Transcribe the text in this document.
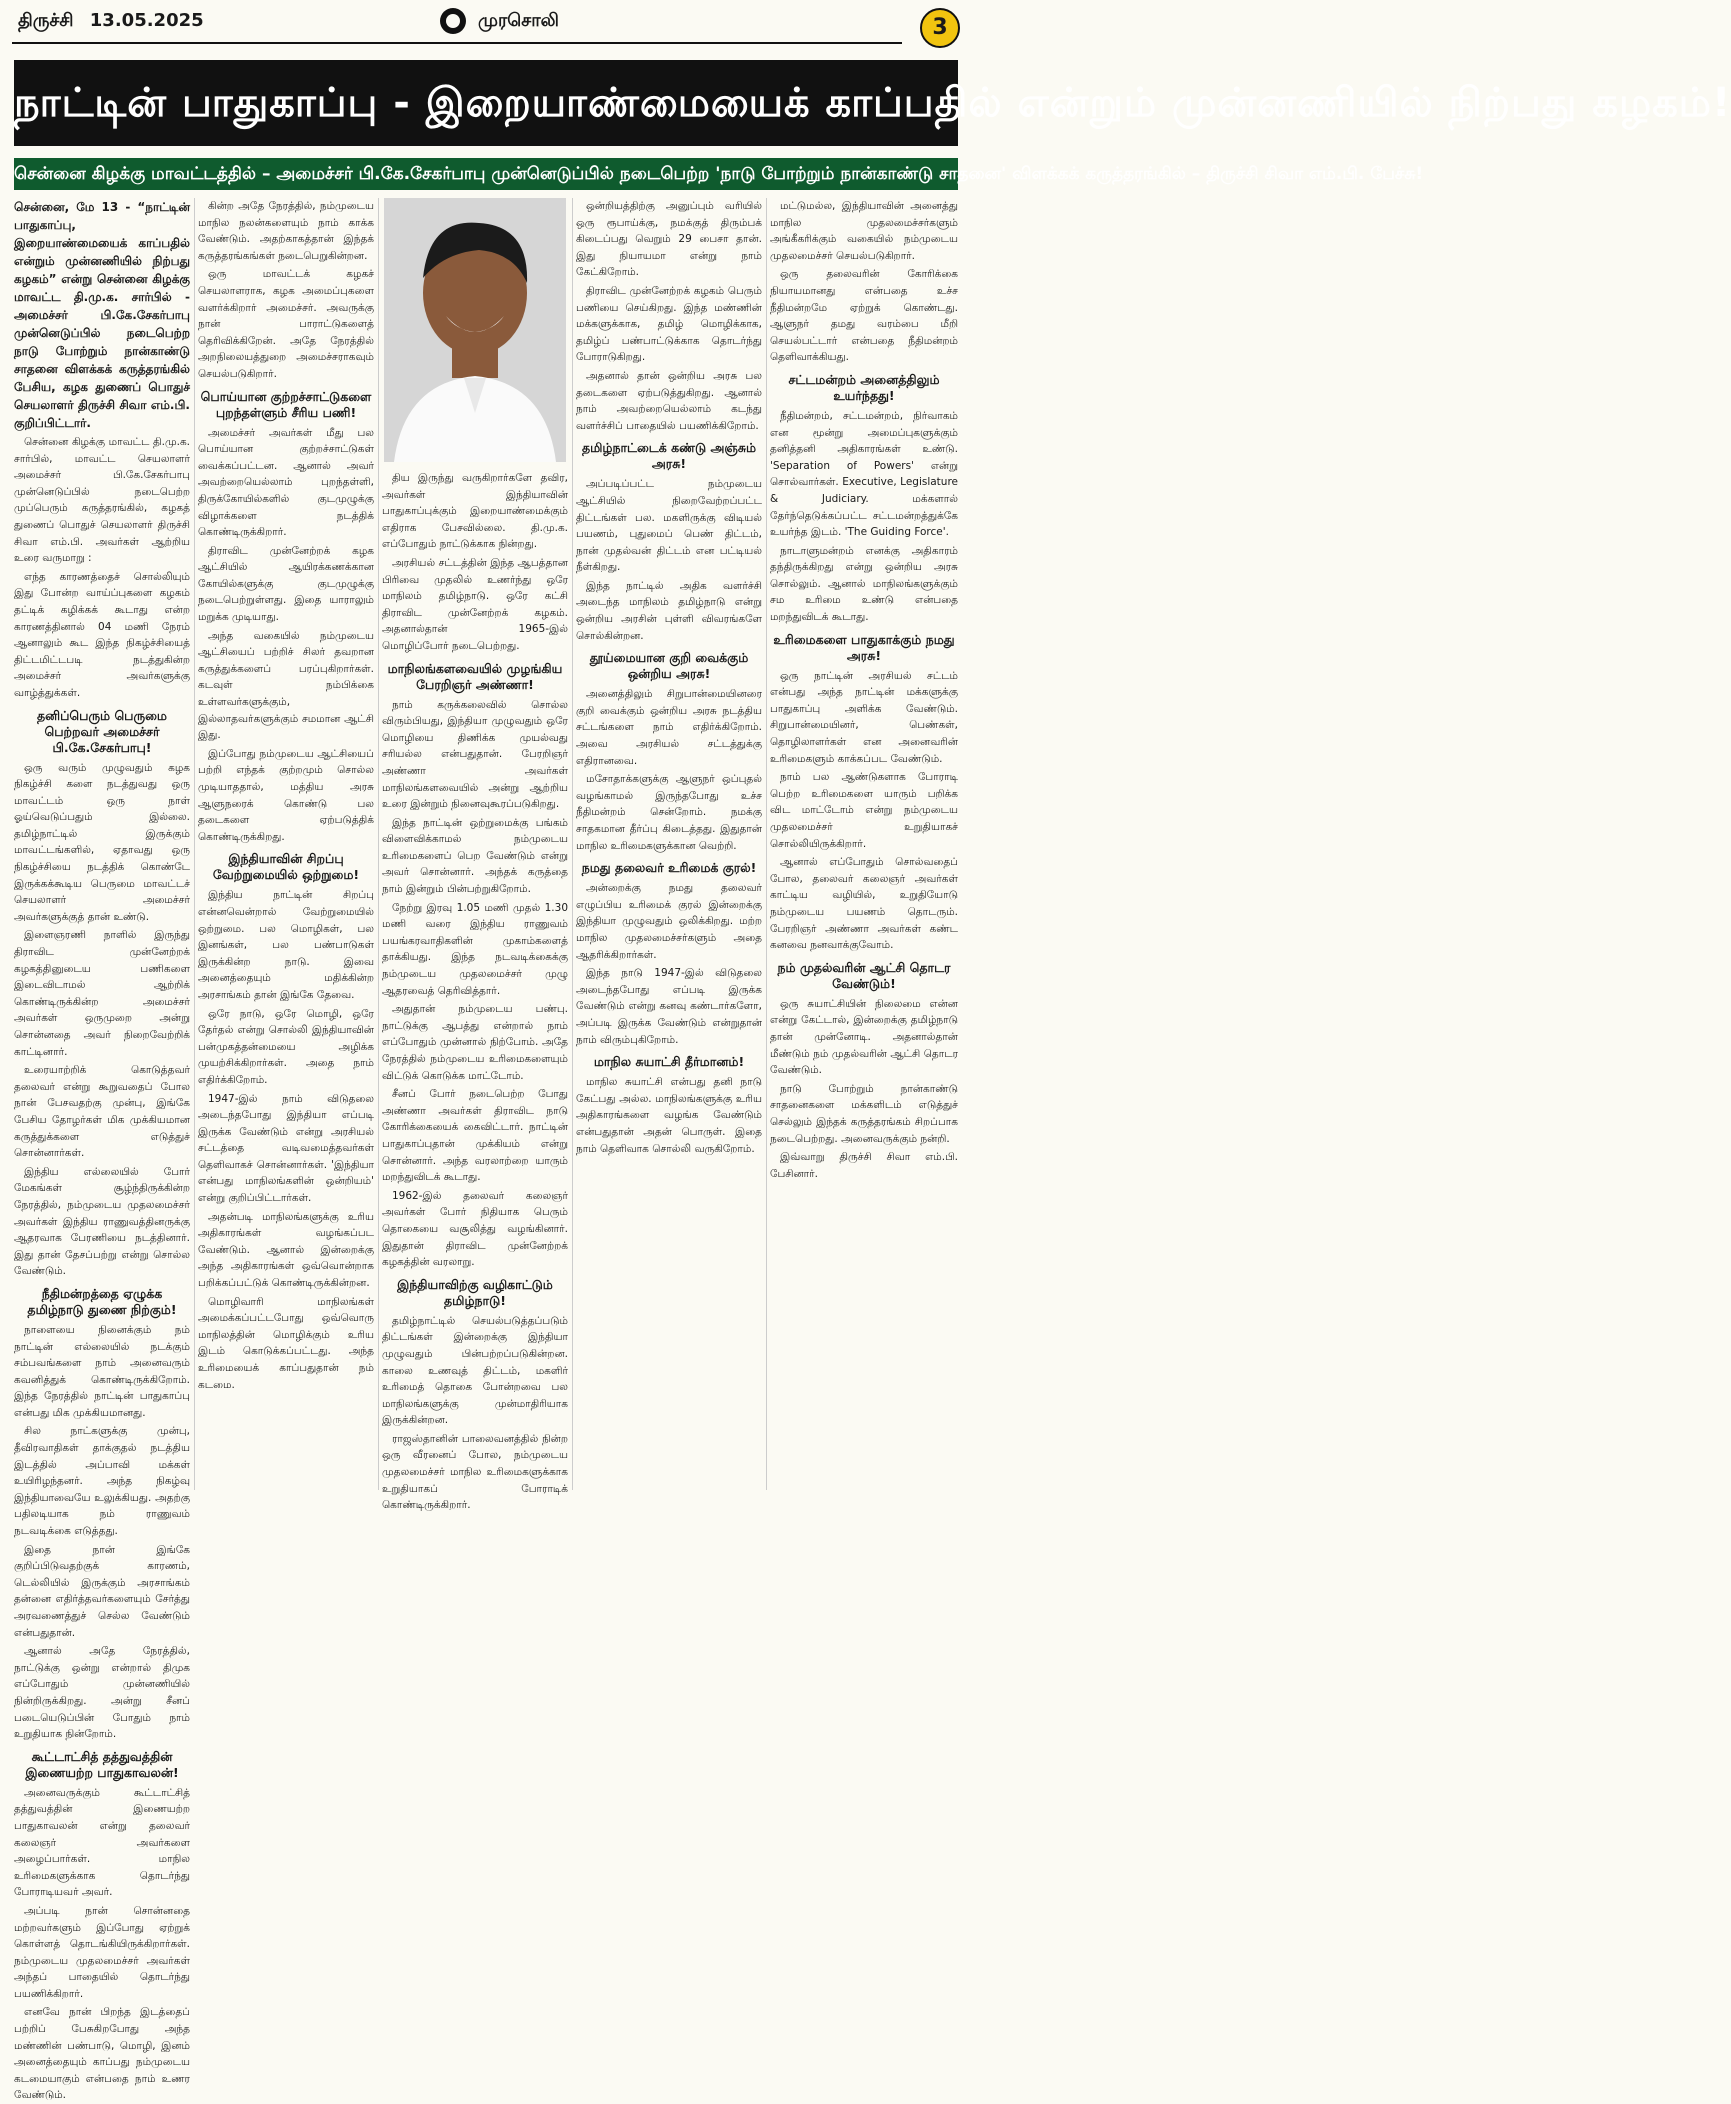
திருச்சி 13.05.2025	முரசொலி	3
நாட்டின் பாதுகாப்பு - இறையாண்மையைக் காப்பதில் என்றும் முன்னணியில் நிற்பது கழகம்!
சென்னை கிழக்கு மாவட்டத்தில் – அமைச்சர் பி.கே.சேகர்பாபு முன்னெடுப்பில் நடைபெற்ற 'நாடு போற்றும் நான்காண்டு சாதனை' விளக்கக் கருத்தரங்கில் – திருச்சி சிவா எம்.பி. பேச்சு!

சென்னை, மே 13 - “நாட்டின் பாதுகாப்பு, இறையாண்மையைக் காப்பதில் என்றும் முன்னணியில் நிற்பது கழகம்” என்று சென்னை கிழக்கு மாவட்ட தி.மு.க. சார்பில் - அமைச்சர் பி.கே.சேகர்பாபு முன்னெடுப்பில் நடைபெற்ற நாடு போற்றும் நான்காண்டு சாதனை விளக்கக் கருத்தரங்கில் பேசிய, கழக துணைப் பொதுச் செயலாளர் திருச்சி சிவா எம்.பி. குறிப்பிட்டார்.

சென்னை கிழக்கு மாவட்ட தி.மு.க. சார்பில், மாவட்ட செயலாளர் அமைச்சர் பி.கே.சேகர்பாபு முன்னெடுப்பில் நடைபெற்ற முப்பெரும் கருத்தரங்கில், கழகத் துணைப் பொதுச் செயலாளர் திருச்சி சிவா எம்.பி. அவர்கள் ஆற்றிய உரை வருமாறு :

எந்த காரணத்தைச் சொல்லியும் இது போன்ற வாய்ப்புகளை கழகம் தட்டிக் கழிக்கக் கூடாது என்ற காரணத்தினால் 04 மணி நேரம் ஆனாலும் கூட இந்த நிகழ்ச்சியைத் திட்டமிட்டபடி நடத்துகின்ற அமைச்சர் அவர்களுக்கு வாழ்த்துக்கள்.

தனிப்பெரும் பெருமை பெற்றவர் அமைச்சர் பி.கே.சேகர்பாபு!

ஒரு வரும் முழுவதும் கழக நிகழ்ச்சி களை நடத்துவது ஒரு மாவட்டம் ஒரு நாள் ஓய்வெடுப்பதும் இல்லை. தமிழ்நாட்டில் இருக்கும் மாவட்டங்களில், ஏதாவது ஒரு நிகழ்ச்சியை நடத்திக் கொண்டே இருக்கக்கூடிய பெருமை மாவட்டச் செயலாளர் அமைச்சர் அவர்களுக்குத் தான் உண்டு.

இளைஞரணி நாளில் இருந்து திராவிட முன்னேற்றக் கழகத்தினுடைய பணிகளை இடைவிடாமல் ஆற்றிக் கொண்டிருக்கின்ற அமைச்சர் அவர்கள் ஒருமுறை அன்று சொன்னதை அவர் நிறைவேற்றிக் காட்டினார்.

உரையாற்றிக் கொடுத்தவர் தலைவர் என்று கூறுவதைப் போல நான் பேசவதற்கு முன்பு, இங்கே பேசிய தோழர்கள் மிக முக்கியமான கருத்துக்களை எடுத்துச் சொன்னார்கள்.

இந்திய எல்லையில் போர் மேகங்கள் சூழ்ந்திருக்கின்ற நேரத்தில், நம்முடைய முதலமைச்சர் அவர்கள் இந்திய ராணுவத்தினருக்கு ஆதரவாக பேரணியை நடத்தினார். இது தான் தேசப்பற்று என்று சொல்ல வேண்டும்.

நீதிமன்றத்தை ஏழுக்க தமிழ்நாடு துணை நிற்கும்!

நாளையை நினைக்கும் நம் நாட்டின் எல்லையில் நடக்கும் சம்பவங்களை நாம் அனைவரும் கவனித்துக் கொண்டிருக்கிறோம். இந்த நேரத்தில் நாட்டின் பாதுகாப்பு என்பது மிக முக்கியமானது.

சில நாட்களுக்கு முன்பு, தீவிரவாதிகள் தாக்குதல் நடத்திய இடத்தில் அப்பாவி மக்கள் உயிரிழந்தனர். அந்த நிகழ்வு இந்தியாவையே உலுக்கியது. அதற்கு பதிலடியாக நம் ராணுவம் நடவடிக்கை எடுத்தது.

இதை நான் இங்கே குறிப்பிடுவதற்குக் காரணம், டெல்லியில் இருக்கும் அரசாங்கம் தன்னை எதிர்த்தவர்களையும் சேர்த்து அரவணைத்துச் செல்ல வேண்டும் என்பதுதான்.

ஆனால் அதே நேரத்தில், நாட்டுக்கு ஒன்று என்றால் திமுக எப்போதும் முன்னணியில் நின்றிருக்கிறது. அன்று சீனப் படையெடுப்பின் போதும் நாம் உறுதியாக நின்றோம்.

கூட்டாட்சித் தத்துவத்தின் இணையற்ற பாதுகாவலன்!

அனைவருக்கும் கூட்டாட்சித் தத்துவத்தின் இணையற்ற பாதுகாவலன் என்று தலைவர் கலைஞர் அவர்களை அழைப்பார்கள். மாநில உரிமைகளுக்காக தொடர்ந்து போராடியவர் அவர்.

அப்படி நான் சொன்னதை மற்றவர்களும் இப்போது ஏற்றுக் கொள்ளத் தொடங்கியிருக்கிறார்கள். நம்முடைய முதலமைச்சர் அவர்கள் அந்தப் பாதையில் தொடர்ந்து பயணிக்கிறார்.

எனவே நான் பிறந்த இடத்தைப் பற்றிப் பேசுகிறபோது அந்த மண்ணின் பண்பாடு, மொழி, இனம் அனைத்தையும் காப்பது நம்முடைய கடமையாகும் என்பதை நாம் உணர வேண்டும்.

கின்ற அதே நேரத்தில், நம்முடைய மாநில நலன்களையும் நாம் காக்க வேண்டும். அதற்காகத்தான் இந்தக் கருத்தரங்கங்கள் நடைபெறுகின்றன.

ஒரு மாவட்டக் கழகச் செயலாளராக, கழக அமைப்புகளை வளர்க்கிறார் அமைச்சர். அவருக்கு நான் பாராட்டுகளைத் தெரிவிக்கிறேன். அதே நேரத்தில் அறநிலையத்துறை அமைச்சராகவும் செயல்படுகிறார்.

பொய்யான குற்றச்சாட்டுகளை புறந்தள்ளும் சீரிய பணி!

அமைச்சர் அவர்கள் மீது பல பொய்யான குற்றச்சாட்டுகள் வைக்கப்பட்டன. ஆனால் அவர் அவற்றையெல்லாம் புறந்தள்ளி, திருக்கோயில்களில் குடமுழுக்கு விழாக்களை நடத்திக் கொண்டிருக்கிறார்.

திராவிட முன்னேற்றக் கழக ஆட்சியில் ஆயிரக்கணக்கான கோயில்களுக்கு குடமுழுக்கு நடைபெற்றுள்ளது. இதை யாராலும் மறுக்க முடியாது.

அந்த வகையில் நம்முடைய ஆட்சியைப் பற்றிச் சிலர் தவறான கருத்துக்களைப் பரப்புகிறார்கள். கடவுள் நம்பிக்கை உள்ளவர்களுக்கும், இல்லாதவர்களுக்கும் சமமான ஆட்சி இது.

இப்போது நம்முடைய ஆட்சியைப் பற்றி எந்தக் குற்றமும் சொல்ல முடியாததால், மத்திய அரசு ஆளுநரைக் கொண்டு பல தடைகளை ஏற்படுத்திக் கொண்டிருக்கிறது.

இந்தியாவின் சிறப்பு வேற்றுமையில் ஒற்றுமை!

இந்திய நாட்டின் சிறப்பு என்னவென்றால் வேற்றுமையில் ஒற்றுமை. பல மொழிகள், பல இனங்கள், பல பண்பாடுகள் இருக்கின்ற நாடு. இவை அனைத்தையும் மதிக்கின்ற அரசாங்கம் தான் இங்கே தேவை.

ஒரே நாடு, ஒரே மொழி, ஒரே தேர்தல் என்று சொல்லி இந்தியாவின் பன்முகத்தன்மையை அழிக்க முயற்சிக்கிறார்கள். அதை நாம் எதிர்க்கிறோம்.

1947-இல் நாம் விடுதலை அடைந்தபோது இந்தியா எப்படி இருக்க வேண்டும் என்று அரசியல் சட்டத்தை வடிவமைத்தவர்கள் தெளிவாகச் சொன்னார்கள். 'இந்தியா என்பது மாநிலங்களின் ஒன்றியம்' என்று குறிப்பிட்டார்கள்.

அதன்படி மாநிலங்களுக்கு உரிய அதிகாரங்கள் வழங்கப்பட வேண்டும். ஆனால் இன்றைக்கு அந்த அதிகாரங்கள் ஒவ்வொன்றாக பறிக்கப்பட்டுக் கொண்டிருக்கின்றன.

மொழிவாரி மாநிலங்கள் அமைக்கப்பட்டபோது ஒவ்வொரு மாநிலத்தின் மொழிக்கும் உரிய இடம் கொடுக்கப்பட்டது. அந்த உரிமையைக் காப்பதுதான் நம் கடமை.

திய இருந்து வருகிறார்களே தவிர, அவர்கள் இந்தியாவின் பாதுகாப்புக்கும் இறையாண்மைக்கும் எதிராக பேசவில்லை. தி.மு.க. எப்போதும் நாட்டுக்காக நின்றது.

அரசியல் சட்டத்தின் இந்த ஆபத்தான பிரிவை முதலில் உணர்ந்து ஒரே மாநிலம் தமிழ்நாடு. ஒரே கட்சி திராவிட முன்னேற்றக் கழகம். அதனால்தான் 1965-இல் மொழிப்போர் நடைபெற்றது.

மாநிலங்களவையில் முழங்கிய பேரறிஞர் அண்ணா!

நாம் கருக்கலைவில் சொல்ல விரும்பியது, இந்தியா முழுவதும் ஒரே மொழியை திணிக்க முயல்வது சரியல்ல என்பதுதான். பேரறிஞர் அண்ணா அவர்கள் மாநிலங்களவையில் அன்று ஆற்றிய உரை இன்றும் நினைவுகூரப்படுகிறது.

இந்த நாட்டின் ஒற்றுமைக்கு பங்கம் விளைவிக்காமல் நம்முடைய உரிமைகளைப் பெற வேண்டும் என்று அவர் சொன்னார். அந்தக் கருத்தை நாம் இன்றும் பின்பற்றுகிறோம்.

நேற்று இரவு 1.05 மணி முதல் 1.30 மணி வரை இந்திய ராணுவம் பயங்கரவாதிகளின் முகாம்களைத் தாக்கியது. இந்த நடவடிக்கைக்கு நம்முடைய முதலமைச்சர் முழு ஆதரவைத் தெரிவித்தார்.

அதுதான் நம்முடைய பண்பு. நாட்டுக்கு ஆபத்து என்றால் நாம் எப்போதும் முன்னால் நிற்போம். அதே நேரத்தில் நம்முடைய உரிமைகளையும் விட்டுக் கொடுக்க மாட்டோம்.

சீனப் போர் நடைபெற்ற போது அண்ணா அவர்கள் திராவிட நாடு கோரிக்கையைக் கைவிட்டார். நாட்டின் பாதுகாப்புதான் முக்கியம் என்று சொன்னார். அந்த வரலாற்றை யாரும் மறந்துவிடக் கூடாது.

1962-இல் தலைவர் கலைஞர் அவர்கள் போர் நிதியாக பெரும் தொகையை வசூலித்து வழங்கினார். இதுதான் திராவிட முன்னேற்றக் கழகத்தின் வரலாறு.

இந்தியாவிற்கு வழிகாட்டும் தமிழ்நாடு!

தமிழ்நாட்டில் செயல்படுத்தப்படும் திட்டங்கள் இன்றைக்கு இந்தியா முழுவதும் பின்பற்றப்படுகின்றன. காலை உணவுத் திட்டம், மகளிர் உரிமைத் தொகை போன்றவை பல மாநிலங்களுக்கு முன்மாதிரியாக இருக்கின்றன.

ராஜஸ்தானின் பாலைவனத்தில் நின்ற ஒரு வீரனைப் போல, நம்முடைய முதலமைச்சர் மாநில உரிமைகளுக்காக உறுதியாகப் போராடிக் கொண்டிருக்கிறார்.

ஒன்றியத்திற்கு அனுப்பும் வரியில் ஒரு ரூபாய்க்கு, நமக்குத் திரும்பக் கிடைப்பது வெறும் 29 பைசா தான். இது நியாயமா என்று நாம் கேட்கிறோம்.

திராவிட முன்னேற்றக் கழகம் பெரும் பணியை செய்கிறது. இந்த மண்ணின் மக்களுக்காக, தமிழ் மொழிக்காக, தமிழ்ப் பண்பாட்டுக்காக தொடர்ந்து போராடுகிறது.

அதனால் தான் ஒன்றிய அரசு பல தடைகளை ஏற்படுத்துகிறது. ஆனால் நாம் அவற்றையெல்லாம் கடந்து வளர்ச்சிப் பாதையில் பயணிக்கிறோம்.

தமிழ்நாட்டைக் கண்டு அஞ்சும் அரசு!

அப்படிப்பட்ட நம்முடைய ஆட்சியில் நிறைவேற்றப்பட்ட திட்டங்கள் பல. மகளிருக்கு விடியல் பயணம், புதுமைப் பெண் திட்டம், நான் முதல்வன் திட்டம் என பட்டியல் நீள்கிறது.

இந்த நாட்டில் அதிக வளர்ச்சி அடைந்த மாநிலம் தமிழ்நாடு என்று ஒன்றிய அரசின் புள்ளி விவரங்களே சொல்கின்றன.

தூய்மையான குறி வைக்கும் ஒன்றிய அரசு!

அனைத்திலும் சிறுபான்மையினரை குறி வைக்கும் ஒன்றிய அரசு நடத்திய சட்டங்களை நாம் எதிர்க்கிறோம். அவை அரசியல் சட்டத்துக்கு எதிரானவை.

மசோதாக்களுக்கு ஆளுநர் ஒப்புதல் வழங்காமல் இருந்தபோது உச்ச நீதிமன்றம் சென்றோம். நமக்கு சாதகமான தீர்ப்பு கிடைத்தது. இதுதான் மாநில உரிமைகளுக்கான வெற்றி.

நமது தலைவர் உரிமைக் குரல்!

அன்றைக்கு நமது தலைவர் எழுப்பிய உரிமைக் குரல் இன்றைக்கு இந்தியா முழுவதும் ஒலிக்கிறது. மற்ற மாநில முதலமைச்சர்களும் அதை ஆதரிக்கிறார்கள்.

இந்த நாடு 1947-இல் விடுதலை அடைந்தபோது எப்படி இருக்க வேண்டும் என்று கனவு கண்டார்களோ, அப்படி இருக்க வேண்டும் என்றுதான் நாம் விரும்புகிறோம்.

மாநில சுயாட்சி தீர்மானம்!

மாநில சுயாட்சி என்பது தனி நாடு கேட்பது அல்ல. மாநிலங்களுக்கு உரிய அதிகாரங்களை வழங்க வேண்டும் என்பதுதான் அதன் பொருள். இதை நாம் தெளிவாக சொல்லி வருகிறோம்.

மட்டுமல்ல, இந்தியாவின் அனைத்து மாநில முதலமைச்சர்களும் அங்கீகரிக்கும் வகையில் நம்முடைய முதலமைச்சர் செயல்படுகிறார்.

ஒரு தலைவரின் கோரிக்கை நியாயமானது என்பதை உச்ச நீதிமன்றமே ஏற்றுக் கொண்டது. ஆளுநர் தமது வரம்பை மீறி செயல்பட்டார் என்பதை நீதிமன்றம் தெளிவாக்கியது.

சட்டமன்றம் அனைத்திலும் உயர்ந்தது!

நீதிமன்றம், சட்டமன்றம், நிர்வாகம் என மூன்று அமைப்புகளுக்கும் தனித்தனி அதிகாரங்கள் உண்டு. 'Separation of Powers' என்று சொல்வார்கள். Executive, Legislature & Judiciary. மக்களால் தேர்ந்தெடுக்கப்பட்ட சட்டமன்றத்துக்கே உயர்ந்த இடம். 'The Guiding Force'.

நாடாளுமன்றம் எனக்கு அதிகாரம் தந்திருக்கிறது என்று ஒன்றிய அரசு சொல்லும். ஆனால் மாநிலங்களுக்கும் சம உரிமை உண்டு என்பதை மறந்துவிடக் கூடாது.

உரிமைகளை பாதுகாக்கும் நமது அரசு!

ஒரு நாட்டின் அரசியல் சட்டம் என்பது அந்த நாட்டின் மக்களுக்கு பாதுகாப்பு அளிக்க வேண்டும். சிறுபான்மையினர், பெண்கள், தொழிலாளர்கள் என அனைவரின் உரிமைகளும் காக்கப்பட வேண்டும்.

நாம் பல ஆண்டுகளாக போராடி பெற்ற உரிமைகளை யாரும் பறிக்க விட மாட்டோம் என்று நம்முடைய முதலமைச்சர் உறுதியாகச் சொல்லியிருக்கிறார்.

ஆனால் எப்போதும் சொல்வதைப் போல, தலைவர் கலைஞர் அவர்கள் காட்டிய வழியில், உறுதியோடு நம்முடைய பயணம் தொடரும். பேரறிஞர் அண்ணா அவர்கள் கண்ட கனவை நனவாக்குவோம்.

நம் முதல்வரின் ஆட்சி தொடர வேண்டும்!

ஒரு சுயாட்சியின் நிலைமை என்ன என்று கேட்டால், இன்றைக்கு தமிழ்நாடு தான் முன்னோடி. அதனால்தான் மீண்டும் நம் முதல்வரின் ஆட்சி தொடர வேண்டும்.

நாடு போற்றும் நான்காண்டு சாதனைகளை மக்களிடம் எடுத்துச் செல்லும் இந்தக் கருத்தரங்கம் சிறப்பாக நடைபெற்றது. அனைவருக்கும் நன்றி.

இவ்வாறு திருச்சி சிவா எம்.பி. பேசினார்.
